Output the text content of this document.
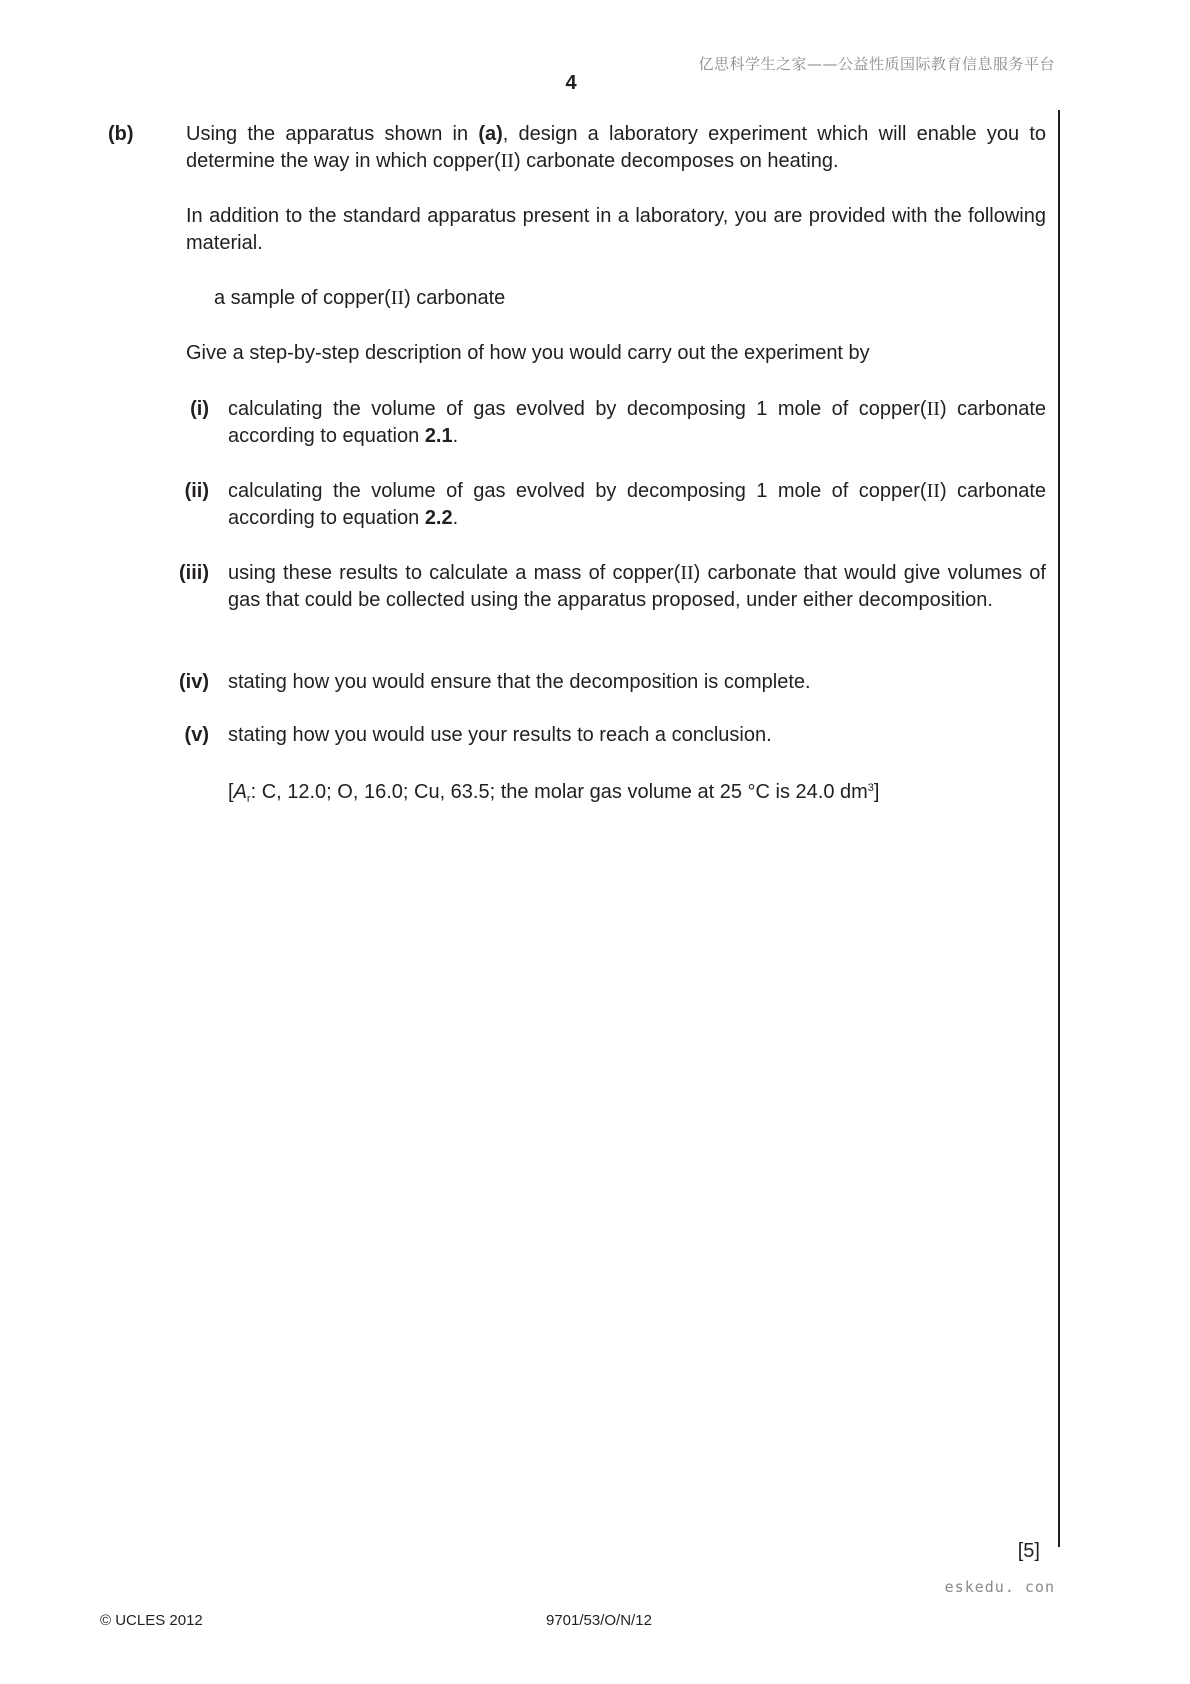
亿思科学生之家——公益性质国际教育信息服务平台
4
(b)	Using the apparatus shown in (a), design a laboratory experiment which will enable you to determine the way in which copper(II) carbonate decomposes on heating.
In addition to the standard apparatus present in a laboratory, you are provided with the following material.
a sample of copper(II) carbonate
Give a step-by-step description of how you would carry out the experiment by
(i) calculating the volume of gas evolved by decomposing 1 mole of copper(II) carbonate according to equation 2.1.
(ii) calculating the volume of gas evolved by decomposing 1 mole of copper(II) carbonate according to equation 2.2.
(iii) using these results to calculate a mass of copper(II) carbonate that would give volumes of gas that could be collected using the apparatus proposed, under either decomposition.
(iv) stating how you would ensure that the decomposition is complete.
(v) stating how you would use your results to reach a conclusion.
[$A_r$: C, 12.0; O, 16.0; Cu, 63.5; the molar gas volume at 25 °C is 24.0 $dm^3$]
[5]
eskedu. con
© UCLES 2012	9701/53/O/N/12
